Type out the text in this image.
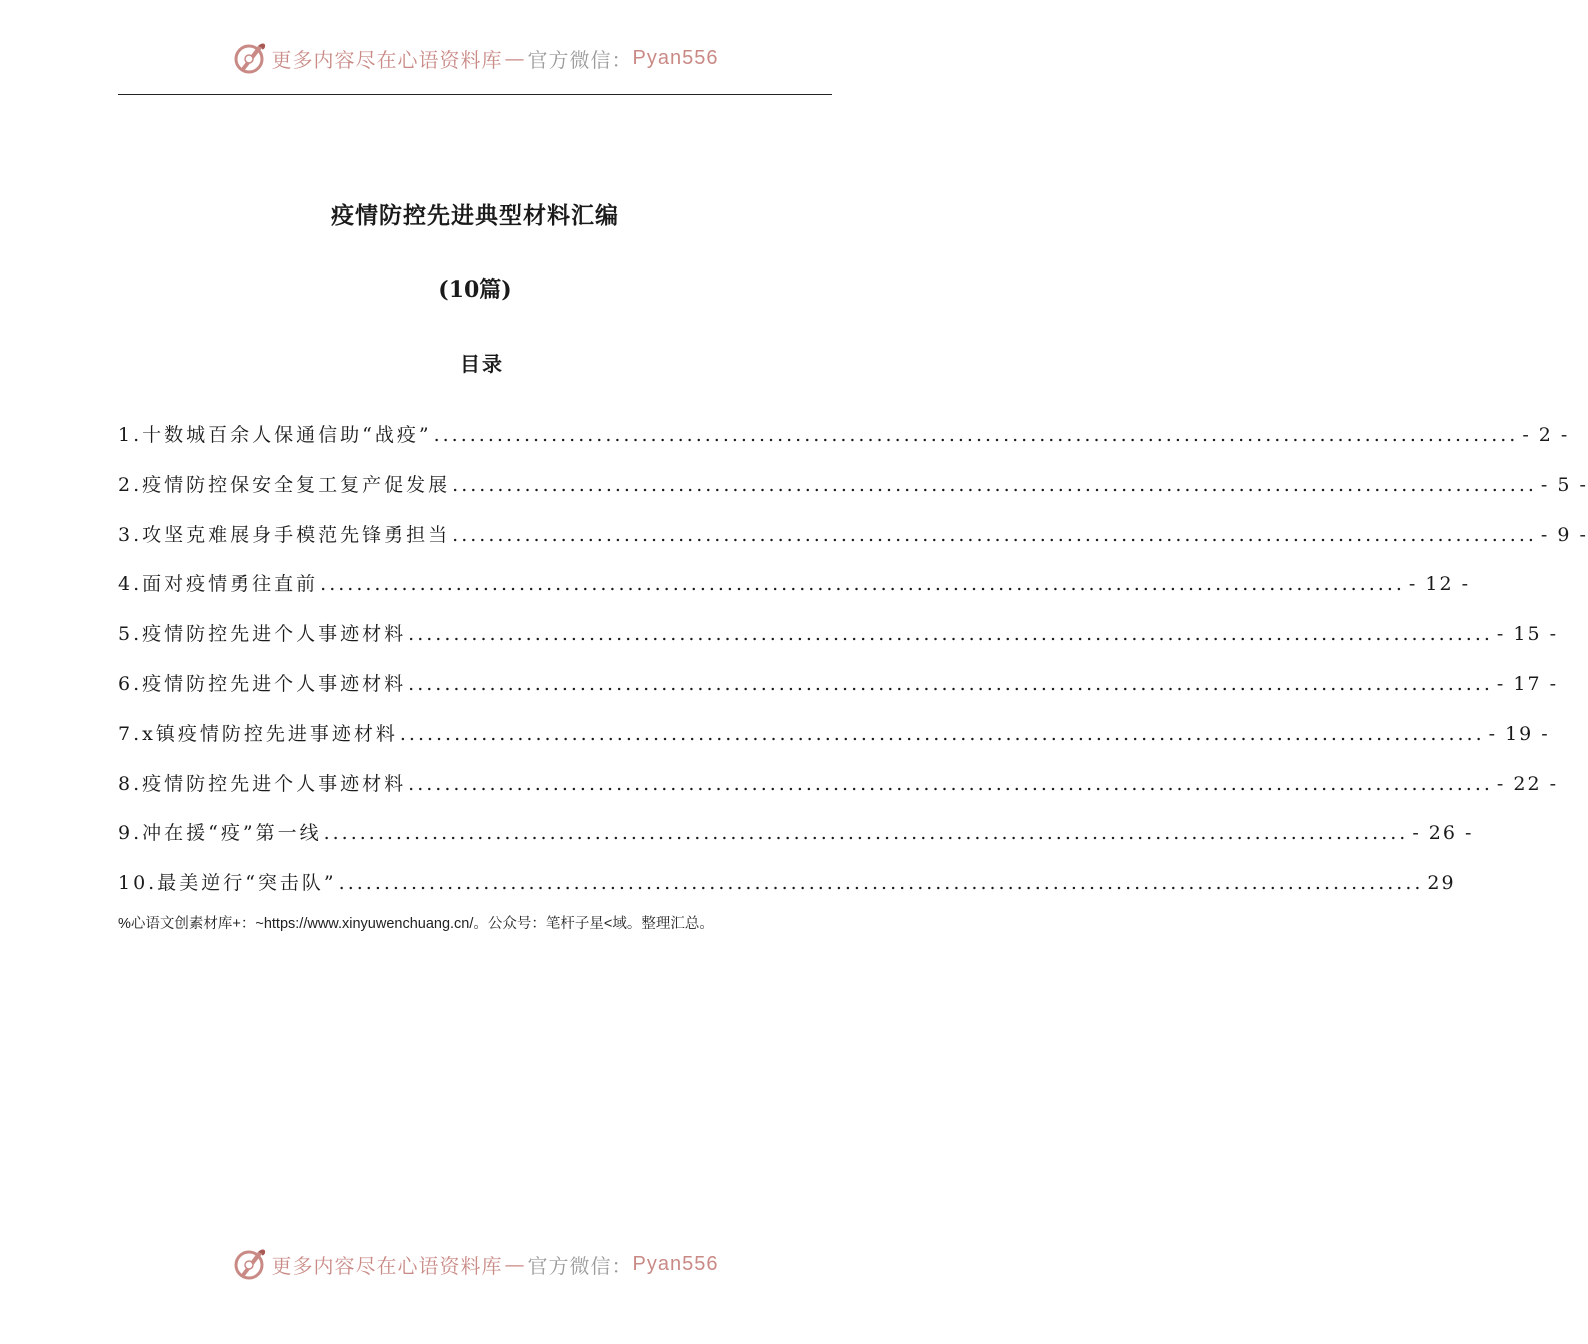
更多内容尽在心语资料库 — 官方微信： Pyan556
疫情防控先进典型材料汇编
(10篇)
目录
1. 十数城百余人保通信助“战疫” ........................................................................................................................ - 2 -
2. 疫情防控保安全复工复产促发展 ........................................................................................................................ - 5 -
3. 攻坚克难展身手模范先锋勇担当 ........................................................................................................................ - 9 -
4. 面对疫情勇往直前 ........................................................................................................................ - 12 -
5. 疫情防控先进个人事迹材料 ........................................................................................................................ - 15 -
6. 疫情防控先进个人事迹材料 ........................................................................................................................ - 17 -
7. x镇疫情防控先进事迹材料 ........................................................................................................................ - 19 -
8. 疫情防控先进个人事迹材料 ........................................................................................................................ - 22 -
9. 冲在援“疫”第一线 ........................................................................................................................ - 26 -
10. 最美逆行“突击队” ........................................................................................................................ 29
%心语文创素材库+：~https://www.xinyuwenchuang.cn/。公众号：笔杆子星<域。整理汇总。
更多内容尽在心语资料库 — 官方微信： Pyan556
